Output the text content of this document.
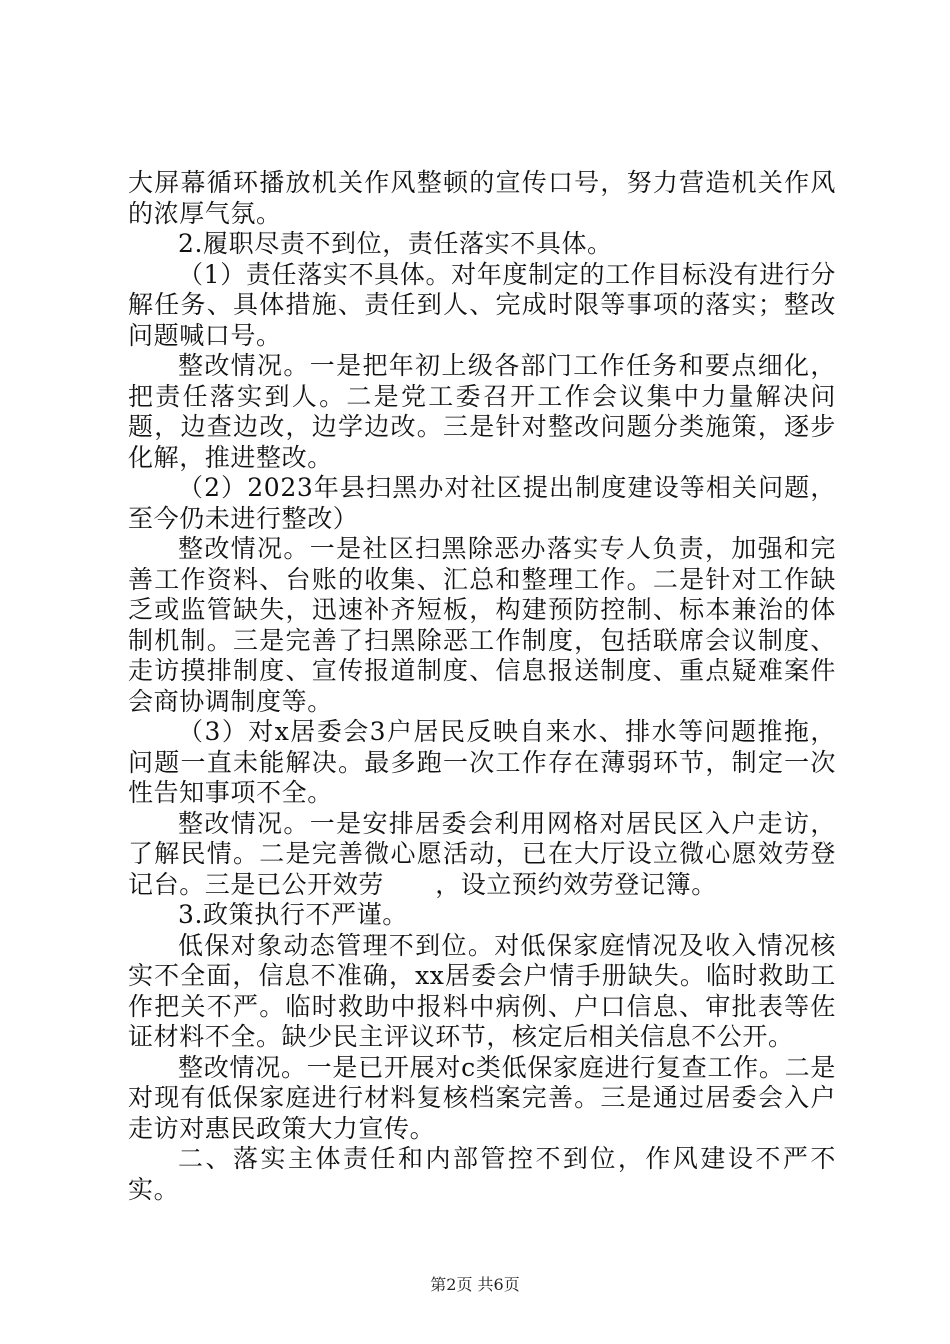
大屏幕循环播放机关作风整顿的宣传口号，努力营造机关作风的浓厚气氛。

2.履职尽责不到位，责任落实不具体。

（1）责任落实不具体。对年度制定的工作目标没有进行分解任务、具体措施、责任到人、完成时限等事项的落实；整改问题喊口号。

整改情况。一是把年初上级各部门工作任务和要点细化，把责任落实到人。二是党工委召开工作会议集中力量解决问题，边查边改，边学边改。三是针对整改问题分类施策，逐步化解，推进整改。

（2）2023年县扫黑办对社区提出制度建设等相关问题，至今仍未进行整改）

整改情况。一是社区扫黑除恶办落实专人负责，加强和完善工作资料、台账的收集、汇总和整理工作。二是针对工作缺乏或监管缺失，迅速补齐短板，构建预防控制、标本兼治的体制机制。三是完善了扫黑除恶工作制度，包括联席会议制度、走访摸排制度、宣传报道制度、信息报送制度、重点疑难案件会商协调制度等。

（3）对x居委会3户居民反映自来水、排水等问题推拖，问题一直未能解决。最多跑一次工作存在薄弱环节，制定一次性告知事项不全。

整改情况。一是安排居委会利用网格对居民区入户走访，了解民情。二是完善微心愿活动，已在大厅设立微心愿效劳登记台。三是已公开效劳　　，设立预约效劳登记簿。

3.政策执行不严谨。

低保对象动态管理不到位。对低保家庭情况及收入情况核实不全面，信息不准确，xx居委会户情手册缺失。临时救助工作把关不严。临时救助中报料中病例、户口信息、审批表等佐证材料不全。缺少民主评议环节，核定后相关信息不公开。

整改情况。一是已开展对c类低保家庭进行复查工作。二是对现有低保家庭进行材料复核档案完善。三是通过居委会入户走访对惠民政策大力宣传。

二、落实主体责任和内部管控不到位，作风建设不严不实。

第2页 共6页
